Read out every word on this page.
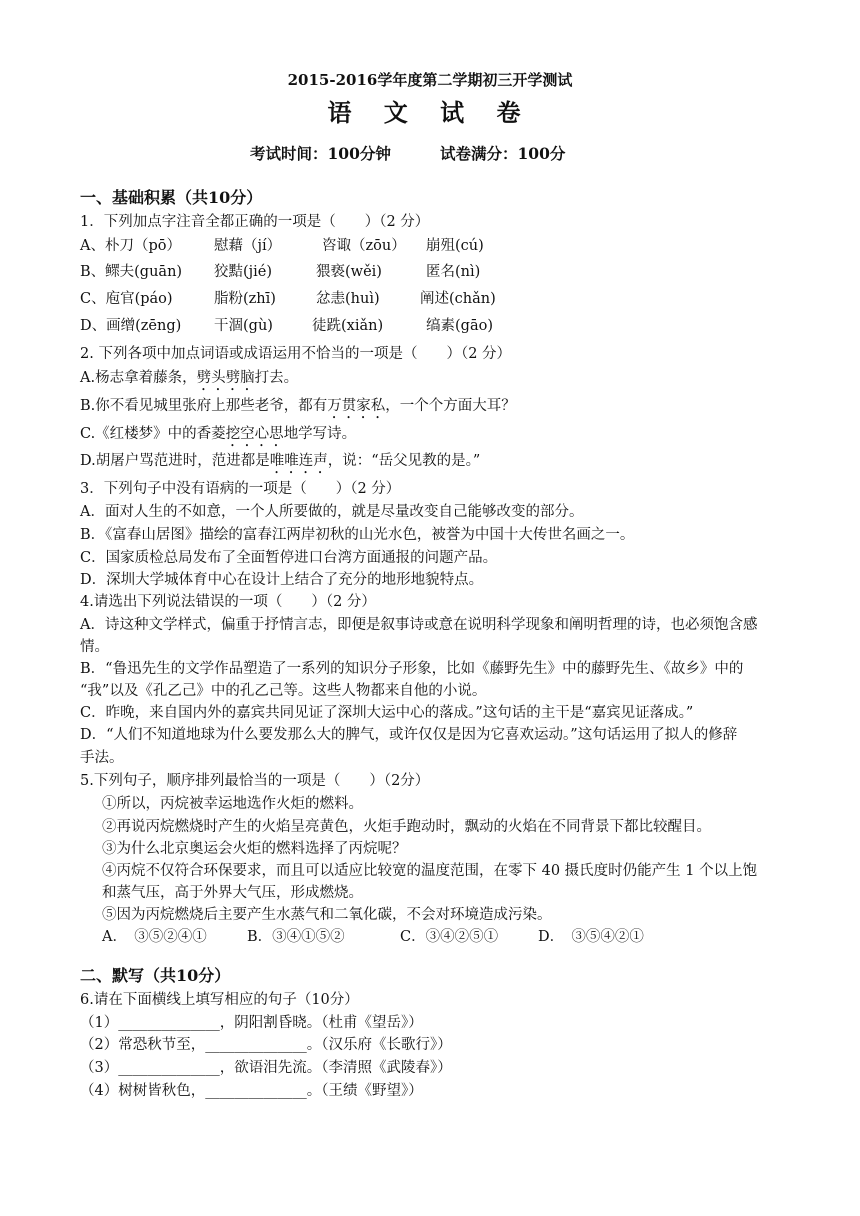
2015-2016学年度第二学期初三开学测试
语 文 试 卷
考试时间：100分钟	试卷满分：100分
一、基础积累（共10分）
1．下列加点字注音全都正确的一项是（　　）（2 分）
A、朴刀（pō） 慰藉（jí）	咨诹（zōu） 崩殂(cú)
B、鳏夫(guān) 狡黠(jié)	猥亵(wěi)	匿名(nì)
C、庖官(páo)	脂粉(zhī)	忿恚(huì)	阐述(chǎn)
D、画缯(zēng) 干涸(gù)	徒跣(xiǎn)	缟素(gāo)
2. 下列各项中加点词语或成语运用不恰当的一项是（　　）（2 分）
A.杨志拿着藤条，劈头劈脑打去。
B.你不看见城里张府上那些老爷，都有万贯家私，一个个方面大耳？
C.《红楼梦》中的香菱挖空心思地学写诗。
D.胡屠户骂范进时，范进都是唯唯连声，说：“岳父见教的是。”
3．下列句子中没有语病的一项是（　　）（2 分）
A．面对人生的不如意，一个人所要做的，就是尽量改变自己能够改变的部分。
B．《富春山居图》描绘的富春江两岸初秋的山光水色，被誉为中国十大传世名画之一。
C．国家质检总局发布了全面暂停进口台湾方面通报的问题产品。
D．深圳大学城体育中心在设计上结合了充分的地形地貌特点。
4.请选出下列说法错误的一项（　　）（2 分）
A．诗这种文学样式，偏重于抒情言志，即便是叙事诗或意在说明科学现象和阐明哲理的诗，也必须饱含感
情。
B．“鲁迅先生的文学作品塑造了一系列的知识分子形象，比如《藤野先生》中的藤野先生、《故乡》中的
“我”以及《孔乙己》中的孔乙己等。这些人物都来自他的小说。
C．昨晚，来自国内外的嘉宾共同见证了深圳大运中心的落成。”这句话的主干是“嘉宾见证落成。”
D．“人们不知道地球为什么要发那么大的脾气，或许仅仅是因为它喜欢运动。”这句话运用了拟人的修辞
手法。
5.下列句子，顺序排列最恰当的一项是（　　）（2分）
①所以，丙烷被幸运地选作火炬的燃料。
②再说丙烷燃烧时产生的火焰呈亮黄色，火炬手跑动时，飘动的火焰在不同背景下都比较醒目。
③为什么北京奥运会火炬的燃料选择了丙烷呢？
④丙烷不仅符合环保要求，而且可以适应比较宽的温度范围，在零下 40 摄氏度时仍能产生 1 个以上饱
和蒸气压，高于外界大气压，形成燃烧。
⑤因为丙烷燃烧后主要产生水蒸气和二氧化碳，不会对环境造成污染。
A．　③⑤②④①	B．③④①⑤②	C．③④②⑤①	D．　③⑤④②①
二、默写（共10分）
6.请在下面横线上填写相应的句子（10分）
（1）______________，阴阳割昏晓。（杜甫《望岳》）
（2）常恐秋节至，______________。（汉乐府《长歌行》）
（3）______________，欲语泪先流。（李清照《武陵春》）
（4）树树皆秋色，______________。（王绩《野望》）
